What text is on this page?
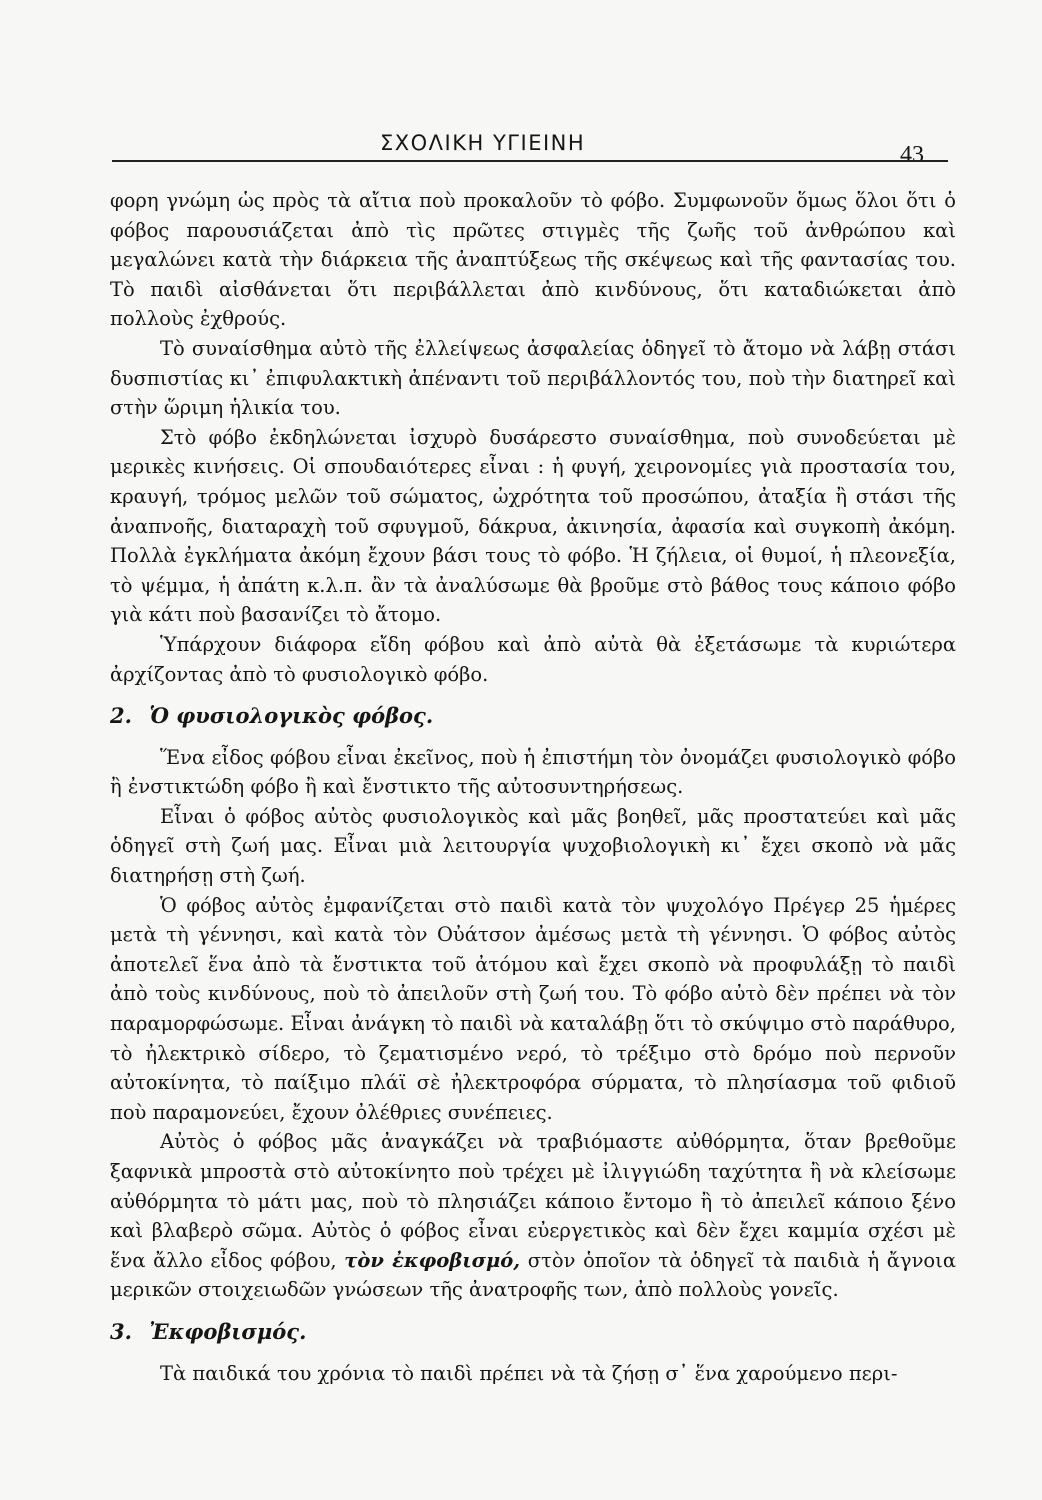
ΣΧΟΛΙΚΗ ΥΓΙΕΙΝΗ	43

φορη γνώμη ὡς πρὸς τὰ αἴτια ποὺ προκαλοῦν τὸ φόβο. Συμφωνοῦν ὅμως ὅλοι ὅτι ὁ φόβος παρουσιάζεται ἀπὸ τὶς πρῶτες στιγμὲς τῆς ζωῆς τοῦ ἀνθρώπου καὶ μεγαλώνει κατὰ τὴν διάρκεια τῆς ἀναπτύξεως τῆς σκέψεως καὶ τῆς φαντασίας του. Τὸ παιδὶ αἰσθάνεται ὅτι περιβάλλεται ἀπὸ κινδύνους, ὅτι καταδιώκεται ἀπὸ πολλοὺς ἐχθρούς.

Τὸ συναίσθημα αὐτὸ τῆς ἐλλείψεως ἀσφαλείας ὁδηγεῖ τὸ ἄτομο νὰ λάβῃ στάσι δυσπιστίας κι᾽ ἐπιφυλακτικὴ ἀπέναντι τοῦ περιβάλλοντός του, ποὺ τὴν διατηρεῖ καὶ στὴν ὥριμη ἡλικία του.

Στὸ φόβο ἐκδηλώνεται ἰσχυρὸ δυσάρεστο συναίσθημα, ποὺ συνοδεύεται μὲ μερικὲς κινήσεις. Οἱ σπουδαιότερες εἶναι : ἡ φυγή, χειρονομίες γιὰ προστασία του, κραυγή, τρόμος μελῶν τοῦ σώματος, ὠχρότητα τοῦ προσώπου, ἀταξία ἢ στάσι τῆς ἀναπνοῆς, διαταραχὴ τοῦ σφυγμοῦ, δάκρυα, ἀκινησία, ἀφασία καὶ συγκοπὴ ἀκόμη. Πολλὰ ἐγκλήματα ἀκόμη ἔχουν βάσι τους τὸ φόβο. Ἡ ζήλεια, οἱ θυμοί, ἡ πλεονεξία, τὸ ψέμμα, ἡ ἀπάτη κ.λ.π. ἂν τὰ ἀναλύσωμε θὰ βροῦμε στὸ βάθος τους κάποιο φόβο γιὰ κάτι ποὺ βασανίζει τὸ ἄτομο.

Ὑπάρχουν διάφορα εἴδη φόβου καὶ ἀπὸ αὐτὰ θὰ ἐξετάσωμε τὰ κυριώτερα ἀρχίζοντας ἀπὸ τὸ φυσιολογικὸ φόβο.

2. Ὁ φυσιολογικὸς φόβος.

Ἕνα εἶδος φόβου εἶναι ἐκεῖνος, ποὺ ἡ ἐπιστήμη τὸν ὀνομάζει φυσιολογικὸ φόβο ἢ ἐνστικτώδη φόβο ἢ καὶ ἔνστικτο τῆς αὐτοσυντηρήσεως.

Εἶναι ὁ φόβος αὐτὸς φυσιολογικὸς καὶ μᾶς βοηθεῖ, μᾶς προστατεύει καὶ μᾶς ὁδηγεῖ στὴ ζωή μας. Εἶναι μιὰ λειτουργία ψυχοβιολογικὴ κι᾽ ἔχει σκοπὸ νὰ μᾶς διατηρήσῃ στὴ ζωή.

Ὁ φόβος αὐτὸς ἐμφανίζεται στὸ παιδὶ κατὰ τὸν ψυχολόγο Πρέγερ 25 ἡμέρες μετὰ τὴ γέννησι, καὶ κατὰ τὸν Οὐάτσον ἀμέσως μετὰ τὴ γέννησι. Ὁ φόβος αὐτὸς ἀποτελεῖ ἕνα ἀπὸ τὰ ἔνστικτα τοῦ ἀτόμου καὶ ἔχει σκοπὸ νὰ προφυλάξῃ τὸ παιδὶ ἀπὸ τοὺς κινδύνους, ποὺ τὸ ἀπειλοῦν στὴ ζωή του. Τὸ φόβο αὐτὸ δὲν πρέπει νὰ τὸν παραμορφώσωμε. Εἶναι ἀνάγκη τὸ παιδὶ νὰ καταλάβῃ ὅτι τὸ σκύψιμο στὸ παράθυρο, τὸ ἠλεκτρικὸ σίδερο, τὸ ζεματισμένο νερό, τὸ τρέξιμο στὸ δρόμο ποὺ περνοῦν αὐτοκίνητα, τὸ παίξιμο πλάϊ σὲ ἠλεκτροφόρα σύρματα, τὸ πλησίασμα τοῦ φιδιοῦ ποὺ παραμονεύει, ἔχουν ὀλέθριες συνέπειες.

Αὐτὸς ὁ φόβος μᾶς ἀναγκάζει νὰ τραβιόμαστε αὐθόρμητα, ὅταν βρεθοῦμε ξαφνικὰ μπροστὰ στὸ αὐτοκίνητο ποὺ τρέχει μὲ ἰλιγγιώδη ταχύτητα ἢ νὰ κλείσωμε αὐθόρμητα τὸ μάτι μας, ποὺ τὸ πλησιάζει κάποιο ἔντομο ἢ τὸ ἀπειλεῖ κάποιο ξένο καὶ βλαβερὸ σῶμα. Αὐτὸς ὁ φόβος εἶναι εὐεργετικὸς καὶ δὲν ἔχει καμμία σχέσι μὲ ἕνα ἄλλο εἶδος φόβου, τὸν ἐκφοβισμό, στὸν ὁποῖον τὰ ὁδηγεῖ τὰ παιδιὰ ἡ ἄγνοια μερικῶν στοιχειωδῶν γνώσεων τῆς ἀνατροφῆς των, ἀπὸ πολλοὺς γονεῖς.

3. Ἐκφοβισμός.

Τὰ παιδικά του χρόνια τὸ παιδὶ πρέπει νὰ τὰ ζήσῃ σ᾽ ἕνα χαρούμενο περι-
